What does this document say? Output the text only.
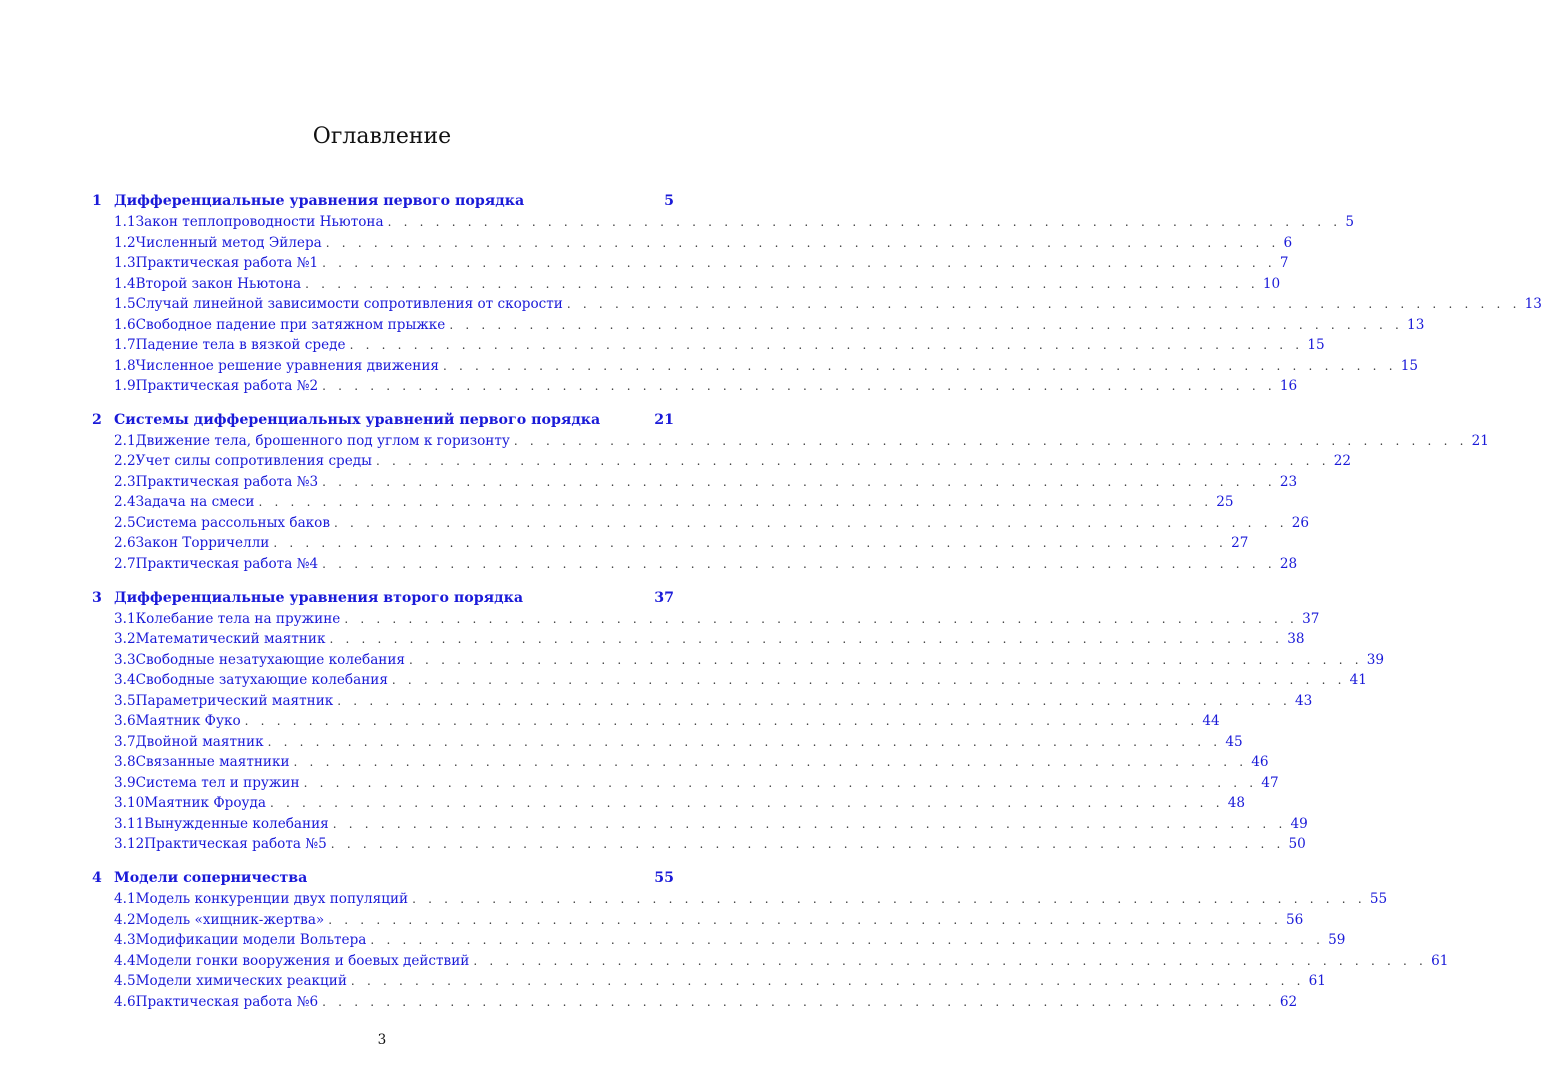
Оглавление
1 Дифференциальные уравнения первого порядка	5
1.1 Закон теплопроводности Ньютона . . . . . . . . . . . . . . . . . . . . . . . . . . . . . . . . . . . . . . . . . . . . . . . . . . . . . . . . . . . . 5
1.2 Численный метод Эйлера . . . . . . . . . . . . . . . . . . . . . . . . . . . . . . . . . . . . . . . . . . . . . . . . . . . . . . . . . . . . 6
1.3 Практическая работа №1 . . . . . . . . . . . . . . . . . . . . . . . . . . . . . . . . . . . . . . . . . . . . . . . . . . . . . . . . . . . . 7
1.4 Второй закон Ньютона . . . . . . . . . . . . . . . . . . . . . . . . . . . . . . . . . . . . . . . . . . . . . . . . . . . . . . . . . . . . 10
1.5 Случай линейной зависимости сопротивления от скорости . . . . . . . . . . . . . . . . . . . . . . . . . . . . . . . . . . . . . . . . . . . . . . . . . . . . . . . . . . . . 13
1.6 Свободное падение при затяжном прыжке . . . . . . . . . . . . . . . . . . . . . . . . . . . . . . . . . . . . . . . . . . . . . . . . . . . . . . . . . . . . 13
1.7 Падение тела в вязкой среде . . . . . . . . . . . . . . . . . . . . . . . . . . . . . . . . . . . . . . . . . . . . . . . . . . . . . . . . . . . . 15
1.8 Численное решение уравнения движения . . . . . . . . . . . . . . . . . . . . . . . . . . . . . . . . . . . . . . . . . . . . . . . . . . . . . . . . . . . . 15
1.9 Практическая работа №2 . . . . . . . . . . . . . . . . . . . . . . . . . . . . . . . . . . . . . . . . . . . . . . . . . . . . . . . . . . . . 16
2 Системы дифференциальных уравнений первого порядка	21
2.1 Движение тела, брошенного под углом к горизонту . . . . . . . . . . . . . . . . . . . . . . . . . . . . . . . . . . . . . . . . . . . . . . . . . . . . . . . . . . . . 21
2.2 Учет силы сопротивления среды . . . . . . . . . . . . . . . . . . . . . . . . . . . . . . . . . . . . . . . . . . . . . . . . . . . . . . . . . . . . 22
2.3 Практическая работа №3 . . . . . . . . . . . . . . . . . . . . . . . . . . . . . . . . . . . . . . . . . . . . . . . . . . . . . . . . . . . . 23
2.4 Задача на смеси . . . . . . . . . . . . . . . . . . . . . . . . . . . . . . . . . . . . . . . . . . . . . . . . . . . . . . . . . . . . 25
2.5 Система рассольных баков . . . . . . . . . . . . . . . . . . . . . . . . . . . . . . . . . . . . . . . . . . . . . . . . . . . . . . . . . . . . 26
2.6 Закон Торричелли . . . . . . . . . . . . . . . . . . . . . . . . . . . . . . . . . . . . . . . . . . . . . . . . . . . . . . . . . . . . 27
2.7 Практическая работа №4 . . . . . . . . . . . . . . . . . . . . . . . . . . . . . . . . . . . . . . . . . . . . . . . . . . . . . . . . . . . . 28
3 Дифференциальные уравнения второго порядка	37
3.1 Колебание тела на пружине . . . . . . . . . . . . . . . . . . . . . . . . . . . . . . . . . . . . . . . . . . . . . . . . . . . . . . . . . . . . 37
3.2 Математический маятник . . . . . . . . . . . . . . . . . . . . . . . . . . . . . . . . . . . . . . . . . . . . . . . . . . . . . . . . . . . . 38
3.3 Свободные незатухающие колебания . . . . . . . . . . . . . . . . . . . . . . . . . . . . . . . . . . . . . . . . . . . . . . . . . . . . . . . . . . . . 39
3.4 Свободные затухающие колебания . . . . . . . . . . . . . . . . . . . . . . . . . . . . . . . . . . . . . . . . . . . . . . . . . . . . . . . . . . . . 41
3.5 Параметрический маятник . . . . . . . . . . . . . . . . . . . . . . . . . . . . . . . . . . . . . . . . . . . . . . . . . . . . . . . . . . . . 43
3.6 Маятник Фуко . . . . . . . . . . . . . . . . . . . . . . . . . . . . . . . . . . . . . . . . . . . . . . . . . . . . . . . . . . . . 44
3.7 Двойной маятник . . . . . . . . . . . . . . . . . . . . . . . . . . . . . . . . . . . . . . . . . . . . . . . . . . . . . . . . . . . . 45
3.8 Связанные маятники . . . . . . . . . . . . . . . . . . . . . . . . . . . . . . . . . . . . . . . . . . . . . . . . . . . . . . . . . . . . 46
3.9 Система тел и пружин . . . . . . . . . . . . . . . . . . . . . . . . . . . . . . . . . . . . . . . . . . . . . . . . . . . . . . . . . . . . 47
3.10 Маятник Фроуда . . . . . . . . . . . . . . . . . . . . . . . . . . . . . . . . . . . . . . . . . . . . . . . . . . . . . . . . . . . . 48
3.11 Вынужденные колебания . . . . . . . . . . . . . . . . . . . . . . . . . . . . . . . . . . . . . . . . . . . . . . . . . . . . . . . . . . . . 49
3.12 Практическая работа №5 . . . . . . . . . . . . . . . . . . . . . . . . . . . . . . . . . . . . . . . . . . . . . . . . . . . . . . . . . . . . 50
4 Модели соперничества	55
4.1 Модель конкуренции двух популяций . . . . . . . . . . . . . . . . . . . . . . . . . . . . . . . . . . . . . . . . . . . . . . . . . . . . . . . . . . . . 55
4.2 Модель «хищник-жертва» . . . . . . . . . . . . . . . . . . . . . . . . . . . . . . . . . . . . . . . . . . . . . . . . . . . . . . . . . . . . 56
4.3 Модификации модели Вольтера . . . . . . . . . . . . . . . . . . . . . . . . . . . . . . . . . . . . . . . . . . . . . . . . . . . . . . . . . . . . 59
4.4 Модели гонки вооружения и боевых действий . . . . . . . . . . . . . . . . . . . . . . . . . . . . . . . . . . . . . . . . . . . . . . . . . . . . . . . . . . . . 61
4.5 Модели химических реакций . . . . . . . . . . . . . . . . . . . . . . . . . . . . . . . . . . . . . . . . . . . . . . . . . . . . . . . . . . . . 61
4.6 Практическая работа №6 . . . . . . . . . . . . . . . . . . . . . . . . . . . . . . . . . . . . . . . . . . . . . . . . . . . . . . . . . . . . 62
3
